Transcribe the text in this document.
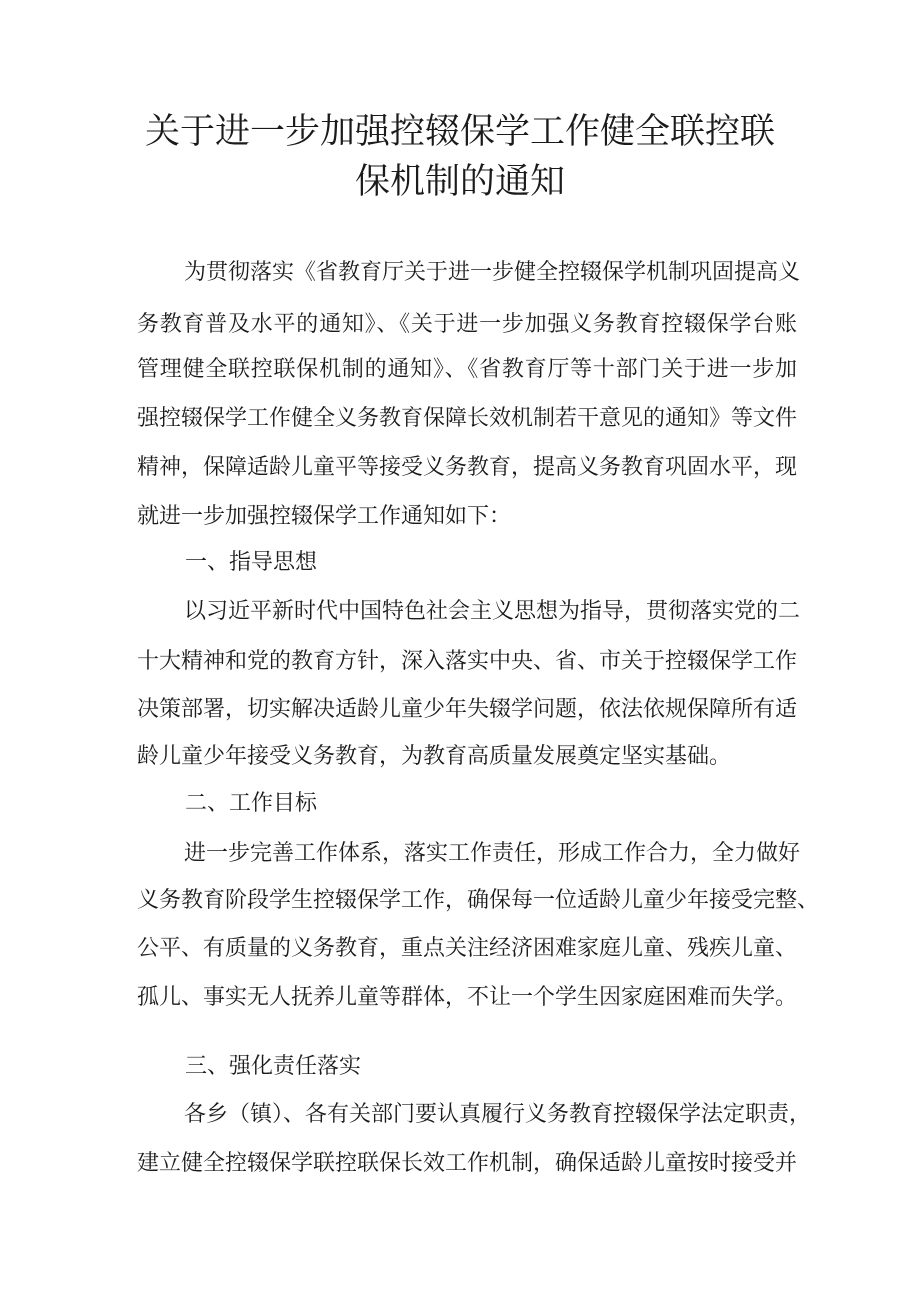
关于进一步加强控辍保学工作健全联控联
保机制的通知

为贯彻落实《省教育厅关于进一步健全控辍保学机制巩固提高义

务教育普及水平的通知》、《关于进一步加强义务教育控辍保学台账

管理健全联控联保机制的通知》、《省教育厅等十部门关于进一步加

强控辍保学工作健全义务教育保障长效机制若干意见的通知》等文件

精神，保障适龄儿童平等接受义务教育，提高义务教育巩固水平，现

就进一步加强控辍保学工作通知如下：

一、指导思想

以习近平新时代中国特色社会主义思想为指导，贯彻落实党的二

十大精神和党的教育方针，深入落实中央、省、市关于控辍保学工作

决策部署，切实解决适龄儿童少年失辍学问题，依法依规保障所有适

龄儿童少年接受义务教育，为教育高质量发展奠定坚实基础。

二、工作目标

进一步完善工作体系，落实工作责任，形成工作合力，全力做好

义务教育阶段学生控辍保学工作，确保每一位适龄儿童少年接受完整、

公平、有质量的义务教育，重点关注经济困难家庭儿童、残疾儿童、

孤儿、事实无人抚养儿童等群体，不让一个学生因家庭困难而失学。

三、强化责任落实

各乡（镇）、各有关部门要认真履行义务教育控辍保学法定职责，

建立健全控辍保学联控联保长效工作机制，确保适龄儿童按时接受并
